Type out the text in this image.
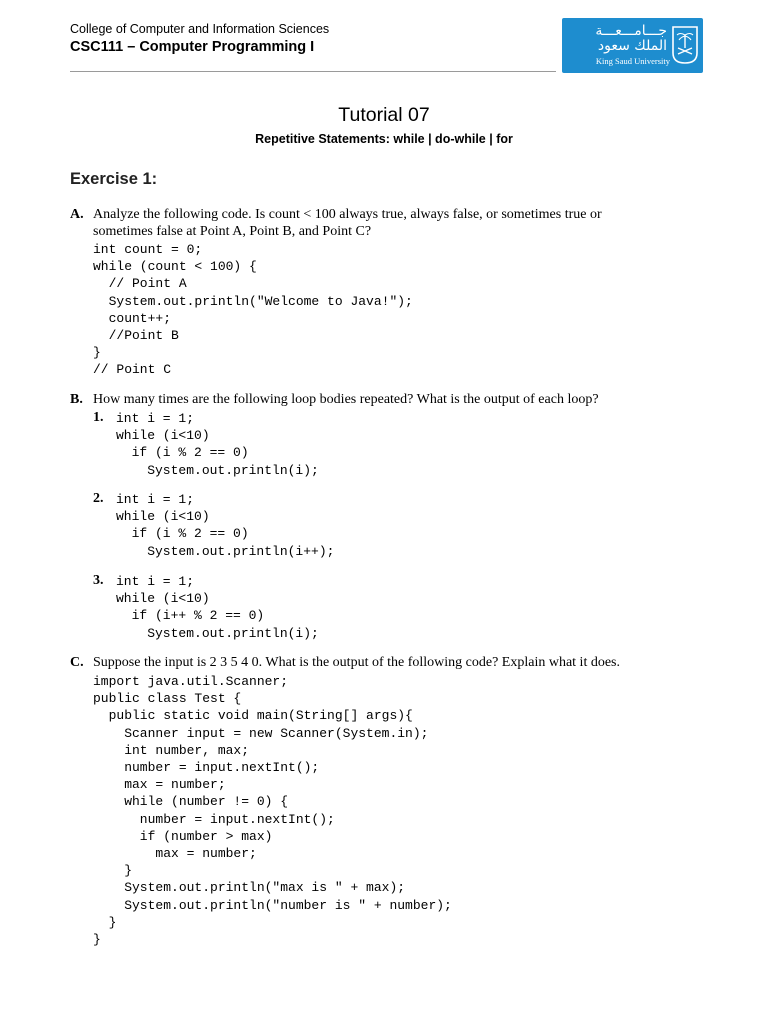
College of Computer and Information Sciences
CSC111 – Computer Programming I
جـــامـــعـــة
الملك سعود
King Saud University
Tutorial 07
Repetitive Statements: while | do-while | for
Exercise 1:
A. Analyze the following code. Is count < 100 always true, always false, or sometimes true or
sometimes false at Point A, Point B, and Point C?
int count = 0;
while (count < 100) {
// Point A
System.out.println("Welcome to Java!");
count++;
//Point B
}
// Point C
B. How many times are the following loop bodies repeated? What is the output of each loop?
1. int i = 1;
while (i<10)
if (i % 2 == 0)
System.out.println(i);
2. int i = 1;
while (i<10)
if (i % 2 == 0)
System.out.println(i++);
3. int i = 1;
while (i<10)
if (i++ % 2 == 0)
System.out.println(i);
C. Suppose the input is 2 3 5 4 0. What is the output of the following code? Explain what it does.
import java.util.Scanner;
public class Test {
public static void main(String[] args){
Scanner input = new Scanner(System.in);
int number, max;
number = input.nextInt();
max = number;
while (number != 0) {
number = input.nextInt();
if (number > max)
max = number;
}
System.out.println("max is " + max);
System.out.println("number is " + number);
}
}
